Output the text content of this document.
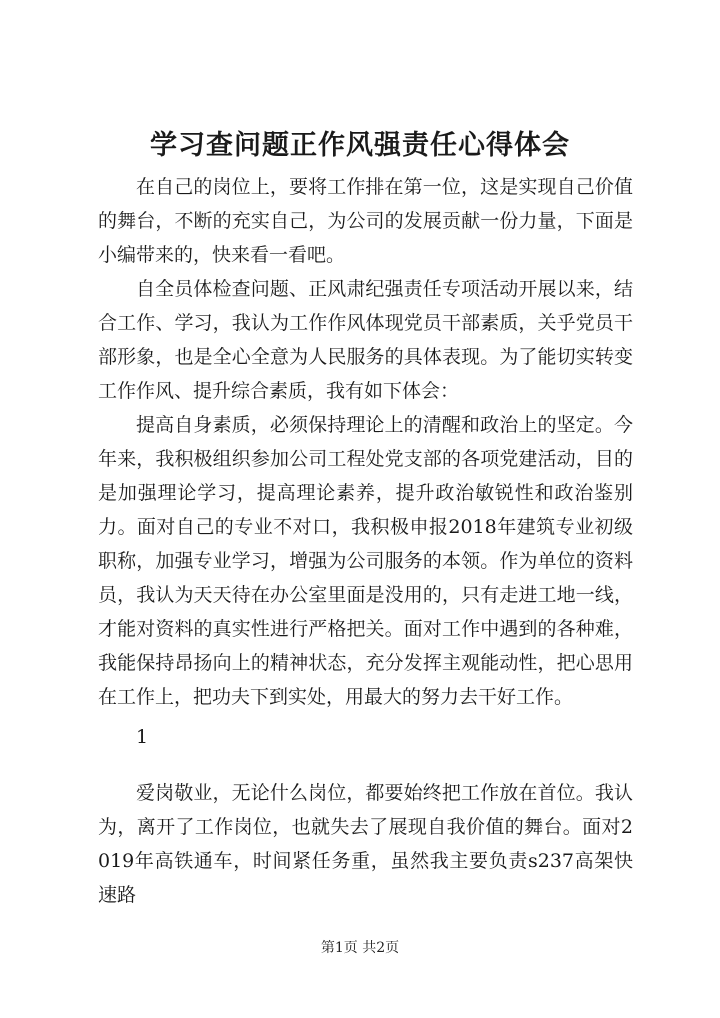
学习查问题正作风强责任心得体会

在自己的岗位上，要将工作排在第一位，这是实现自己价值的舞台，不断的充实自己，为公司的发展贡献一份力量，下面是小编带来的，快来看一看吧。

自全员体检查问题、正风肃纪强责任专项活动开展以来，结合工作、学习，我认为工作作风体现党员干部素质，关乎党员干部形象，也是全心全意为人民服务的具体表现。为了能切实转变工作作风、提升综合素质，我有如下体会：

提高自身素质，必须保持理论上的清醒和政治上的坚定。今年来，我积极组织参加公司工程处党支部的各项党建活动，目的是加强理论学习，提高理论素养，提升政治敏锐性和政治鉴别力。面对自己的专业不对口，我积极申报2018年建筑专业初级职称，加强专业学习，增强为公司服务的本领。作为单位的资料员，我认为天天待在办公室里面是没用的，只有走进工地一线，才能对资料的真实性进行严格把关。面对工作中遇到的各种难，我能保持昂扬向上的精神状态，充分发挥主观能动性，把心思用在工作上，把功夫下到实处，用最大的努力去干好工作。

1

爱岗敬业，无论什么岗位，都要始终把工作放在首位。我认为，离开了工作岗位，也就失去了展现自我价值的舞台。面对2019年高铁通车，时间紧任务重，虽然我主要负责s237高架快速路

第1页 共2页
